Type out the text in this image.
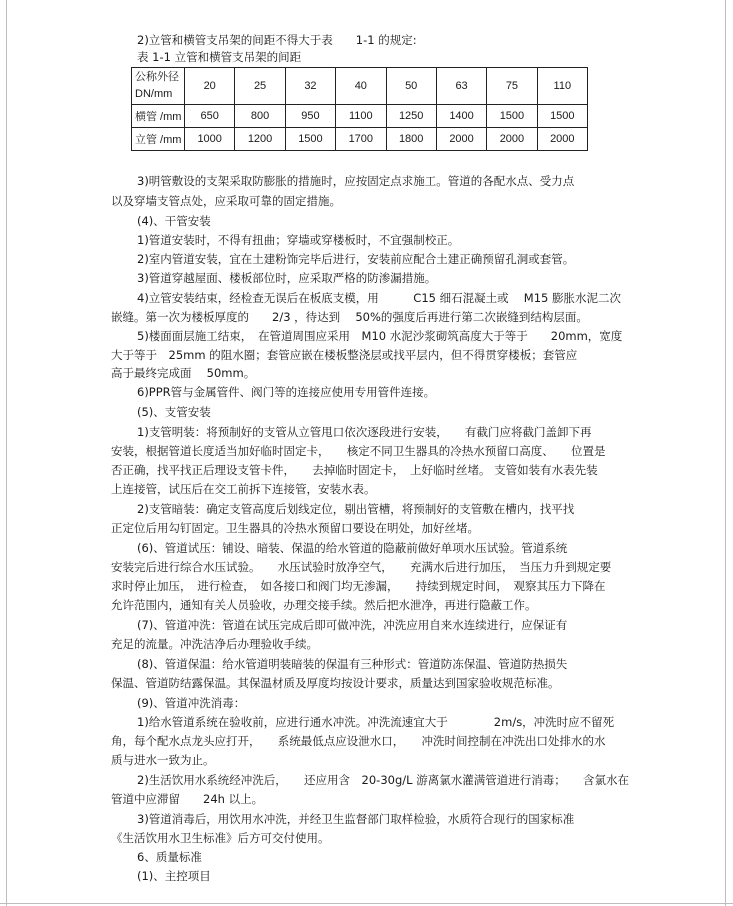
2)立管和横管支吊架的间距不得大于表　　1-1 的规定:
表 1-1 立管和横管支吊架的间距
公称外径
DN/mm	20	25	32	40	50	63	75	110
横管 /mm	650	800	950	1100	1250	1400	1500	1500
立管 /mm	1000	1200	1500	1700	1800	2000	2000	2000
3)明管敷设的支架采取防膨胀的措施时，应按固定点求施工。管道的各配水点、受力点
以及穿墙支管点处，应采取可靠的固定措施。
(4)、干管安装
1)管道安装时，不得有扭曲；穿墙或穿楼板时，不宜强制校正。
2)室内管道安装，宜在土建粉饰完毕后进行，安装前应配合土建正确预留孔洞或套管。
3)管道穿越屋面、楼板部位时，应采取严格的防渗漏措施。
4)立管安装结束，经检查无误后在板底支模，用　　　C15 细石混凝土或　 M15 膨胀水泥二次
嵌缝。第一次为楼板厚度的　　2/3 ，待达到　 50%的强度后再进行第二次嵌缝到结构层面。
5)楼面面层施工结束，　在管道周围应采用　M10 水泥沙浆砌筑高度大于等于　　20mm，宽度
大于等于　25mm 的阻水圈；套管应嵌在楼板整浇层或找平层内，但不得贯穿楼板；套管应
高于最终完成面　 50mm。
6)PPR管与金属管件、阀门等的连接应使用专用管件连接。
(5)、支管安装
1)支管明装：将预制好的支管从立管甩口依次逐段进行安装，　　有截门应将截门盖卸下再
安装，根据管道长度适当加好临时固定卡，　　核定不同卫生器具的冷热水预留口高度、　　位置是
否正确，找平找正后理设支管卡件，　　去掉临时固定卡，　上好临时丝堵。 支管如装有水表先装
上连接管，试压后在交工前拆下连接管，安装水表。
2)支管暗装：确定支管高度后划线定位，剔出管槽，将预制好的支管敷在槽内，找平找
正定位后用勾钉固定。卫生器具的冷热水预留口要设在明处，加好丝堵。
(6)、管道试压：铺设、暗装、保温的给水管道的隐蔽前做好单项水压试验。管道系统
安装完后进行综合水压试验。　　水压试验时放净空气，　　充满水后进行加压，　当压力升到规定要
求时停止加压，　进行检查，　如各接口和阀门均无渗漏，　　持续到规定时间，　观察其压力下降在
允许范围内，通知有关人员验收，办理交接手续。然后把水泄净，再进行隐蔽工作。
(7)、管道冲洗：管道在试压完成后即可做冲洗，冲洗应用自来水连续进行，应保证有
充足的流量。冲洗洁净后办理验收手续。
(8)、管道保温：给水管道明装暗装的保温有三种形式：管道防冻保温、管道防热损失
保温、管道防结露保温。其保温材质及厚度均按设计要求，质量达到国家验收规范标准。
(9)、管道冲洗消毒：
1)给水管道系统在验收前，应进行通水冲洗。冲洗流速宜大于　　　　2m/s，冲洗时应不留死
角，每个配水点龙头应打开，　　系统最低点应设泄水口，　　冲洗时间控制在冲洗出口处排水的水
质与进水一致为止。
2)生活饮用水系统经冲洗后，　　还应用含　20-30g/L 游离氯水灌满管道进行消毒；　　含氯水在
管道中应滞留　　24h 以上。
3)管道消毒后，用饮用水冲洗，并经卫生监督部门取样检验，水质符合现行的国家标准
《生活饮用水卫生标准》后方可交付使用。
6、质量标准
(1)、主控项目
